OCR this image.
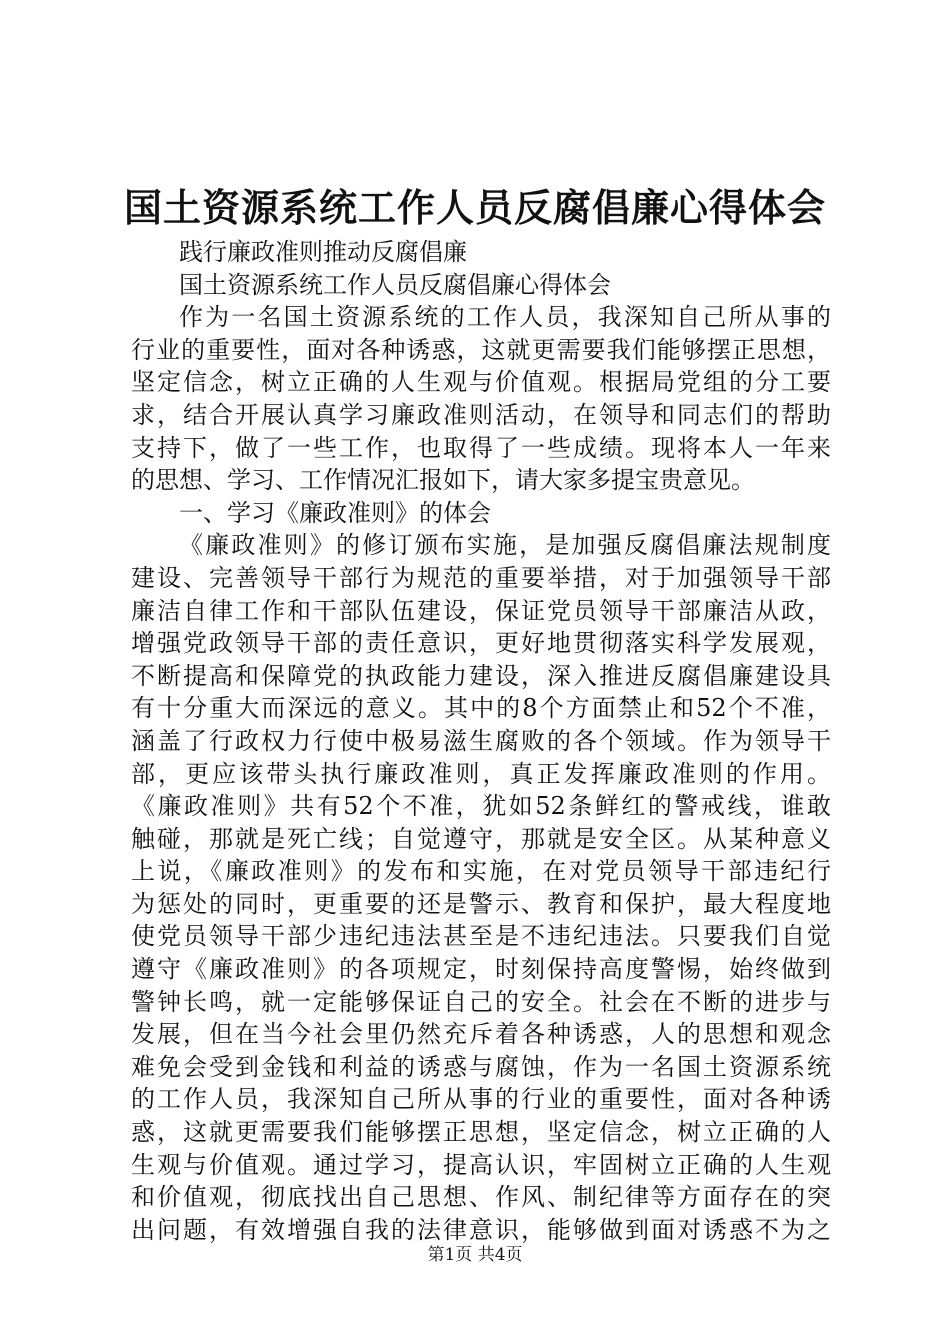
国土资源系统工作人员反腐倡廉心得体会
践行廉政准则推动反腐倡廉
国土资源系统工作人员反腐倡廉心得体会
作为一名国土资源系统的工作人员，我深知自己所从事的
行业的重要性，面对各种诱惑，这就更需要我们能够摆正思想，
坚定信念，树立正确的人生观与价值观。根据局党组的分工要
求，结合开展认真学习廉政准则活动，在领导和同志们的帮助
支持下，做了一些工作，也取得了一些成绩。现将本人一年来
的思想、学习、工作情况汇报如下，请大家多提宝贵意见。
一、学习《廉政准则》的体会
《廉政准则》的修订颁布实施，是加强反腐倡廉法规制度
建设、完善领导干部行为规范的重要举措，对于加强领导干部
廉洁自律工作和干部队伍建设，保证党员领导干部廉洁从政，
增强党政领导干部的责任意识，更好地贯彻落实科学发展观，
不断提高和保障党的执政能力建设，深入推进反腐倡廉建设具
有十分重大而深远的意义。其中的8个方面禁止和52个不准，
涵盖了行政权力行使中极易滋生腐败的各个领域。作为领导干
部，更应该带头执行廉政准则，真正发挥廉政准则的作用。
《廉政准则》共有52个不准，犹如52条鲜红的警戒线，谁敢
触碰，那就是死亡线；自觉遵守，那就是安全区。从某种意义
上说，《廉政准则》的发布和实施，在对党员领导干部违纪行
为惩处的同时，更重要的还是警示、教育和保护，最大程度地
使党员领导干部少违纪违法甚至是不违纪违法。只要我们自觉
遵守《廉政准则》的各项规定，时刻保持高度警惕，始终做到
警钟长鸣，就一定能够保证自己的安全。社会在不断的进步与
发展，但在当今社会里仍然充斥着各种诱惑，人的思想和观念
难免会受到金钱和利益的诱惑与腐蚀，作为一名国土资源系统
的工作人员，我深知自己所从事的行业的重要性，面对各种诱
惑，这就更需要我们能够摆正思想，坚定信念，树立正确的人
生观与价值观。通过学习，提高认识，牢固树立正确的人生观
和价值观，彻底找出自己思想、作风、制纪律等方面存在的突
出问题，有效增强自我的法律意识，能够做到面对诱惑不为之
第1页 共4页
